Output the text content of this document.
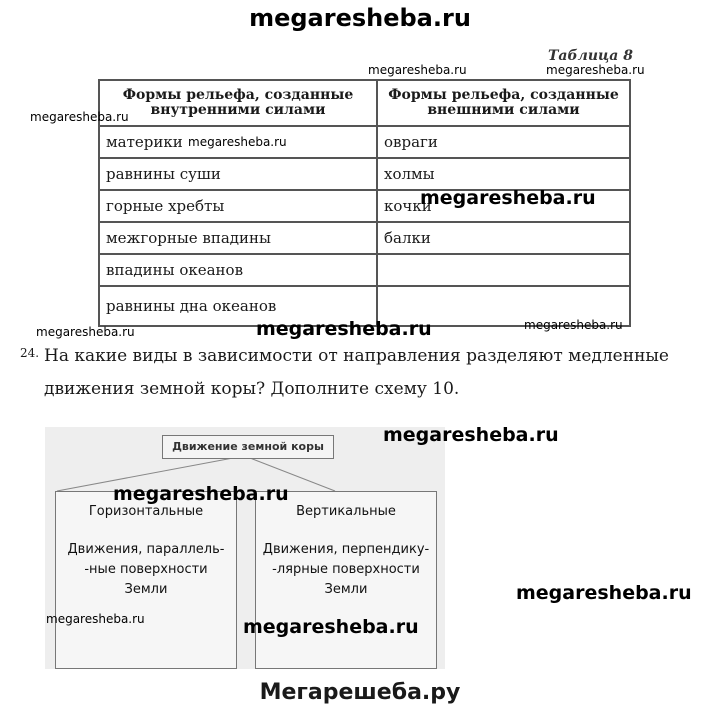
megaresheba.ru
Таблица 8
Формы рельефа, созданные внутренними силами	Формы рельефа, созданные внешними силами
материки	овраги
равнины суши	холмы
горные хребты	кочки
межгорные впадины	балки
впадины океанов	
равнины дна океанов	
24. На какие виды в зависимости от направления разделяют медленные движения земной коры? Дополните схему 10.
Движение земной коры
Горизонтальные
Движения, параллель-
-ные поверхности
Земли
Вертикальные
Движения, перпендику-
-лярные поверхности
Земли
megaresheba.ru	megaresheba.ru
megaresheba.ru
megaresheba.ru
megaresheba.ru
megaresheba.ru	megaresheba.ru	megaresheba.ru
megaresheba.ru
megaresheba.ru
megaresheba.ru
megaresheba.ru	megaresheba.ru
Мегарешеба.ру
